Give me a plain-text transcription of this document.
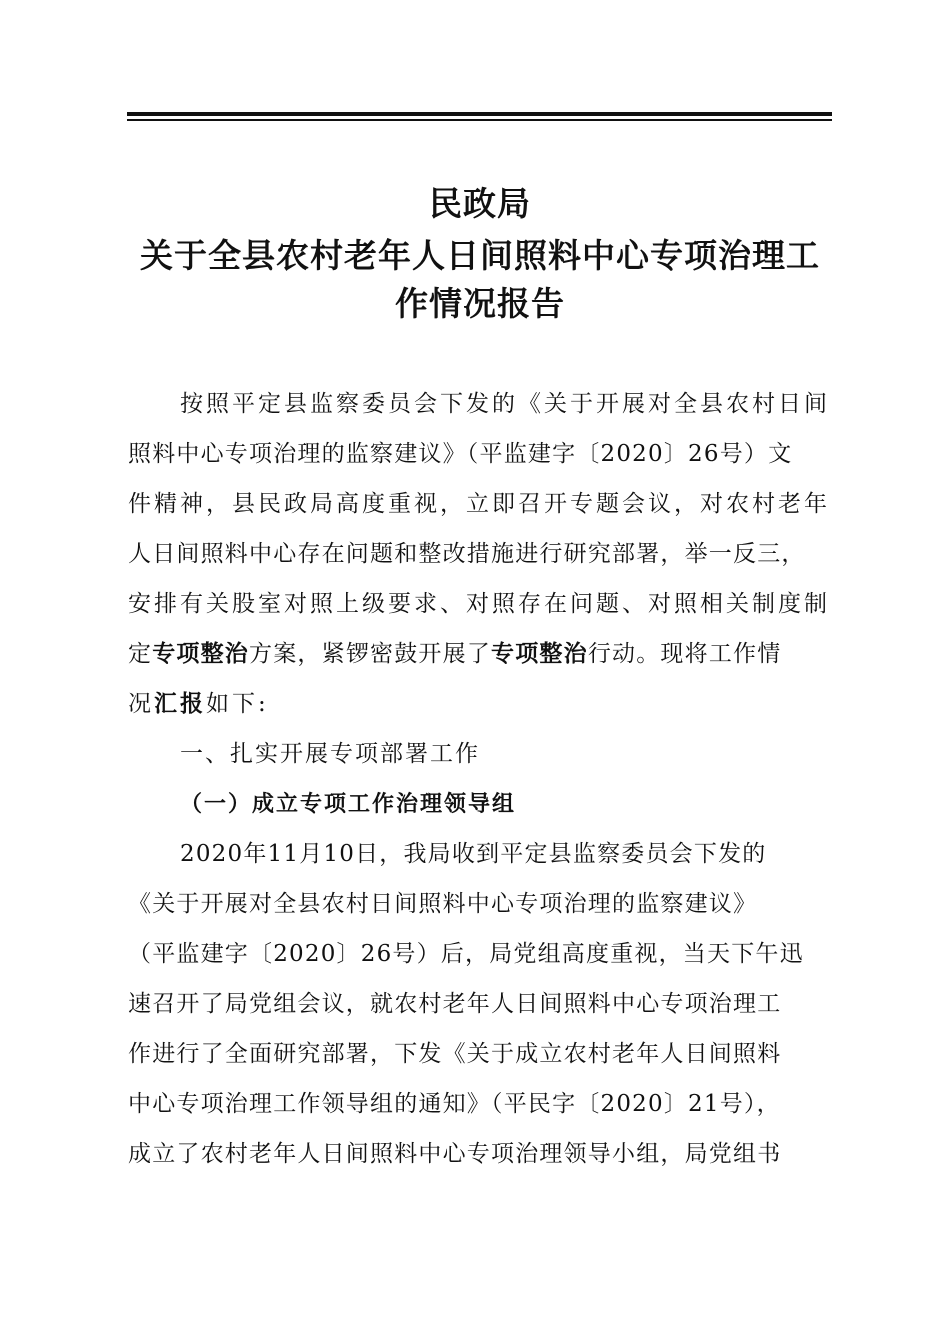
民政局
关于全县农村老年人日间照料中心专项治理工
作情况报告
按照平定县监察委员会下发的《关于开展对全县农村日间
照料中心专项治理的监察建议》（平监建字〔2020〕26号）文
件精神，县民政局高度重视，立即召开专题会议，对农村老年
人日间照料中心存在问题和整改措施进行研究部署，举一反三，
安排有关股室对照上级要求、对照存在问题、对照相关制度制
定专项整治方案，紧锣密鼓开展了专项整治行动。现将工作情
况汇报如下:
一、扎实开展专项部署工作
（一）成立专项工作治理领导组
2020年11月10日，我局收到平定县监察委员会下发的
《关于开展对全县农村日间照料中心专项治理的监察建议》
（平监建字〔2020〕26号）后，局党组高度重视，当天下午迅
速召开了局党组会议，就农村老年人日间照料中心专项治理工
作进行了全面研究部署，下发《关于成立农村老年人日间照料
中心专项治理工作领导组的通知》（平民字〔2020〕21号），
成立了农村老年人日间照料中心专项治理领导小组，局党组书
